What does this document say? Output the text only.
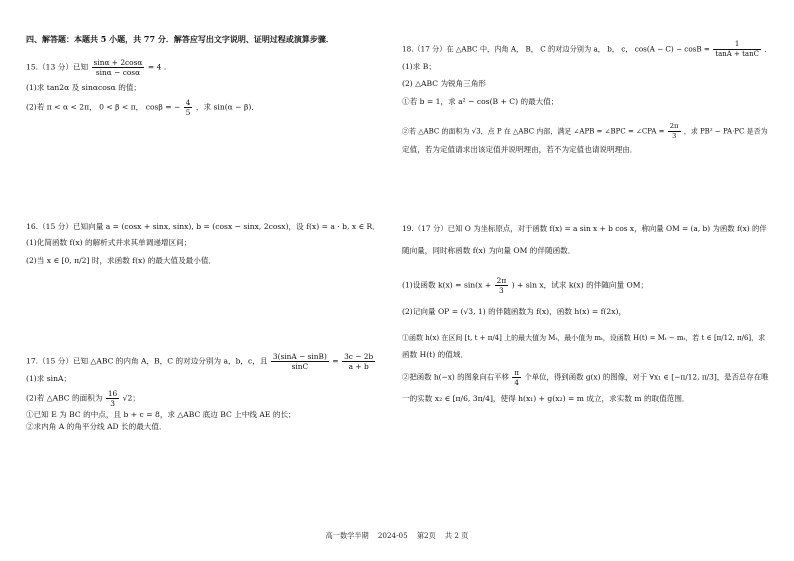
四、解答题：本题共 5 小题，共 77 分．解答应写出文字说明、证明过程或演算步骤．
15.（13 分）已知 $\frac{\sin\alpha + 2\cos\alpha}{\sin\alpha - \cos\alpha} = 4$ .
(1)求 tan2α 及 sinαcosα 的值；
(2)若 π < α < 2π， 0 < β < π， cosβ = − $\frac{4}{5}$ ，求 sin(α − β)．
16.（15 分）已知向量 a = (cosx + sinx, sinx), b = (cosx − sinx, 2cosx)，设 f(x) = a · b, x ∈ R．
(1)化简函数 f(x) 的解析式并求其单调递增区间；
(2)当 x ∈ [0, π/2] 时，求函数 f(x) 的最大值及最小值．
17.（15 分）已知 △ABC 的内角 A，B，C 的对边分别为 a，b，c，且 $\frac{3(\sin A - \sin B)}{\sin C} = \frac{3c - 2b}{a + b}$
(1)求 sinA；
(2)若 △ABC 的面积为 $\frac{16}{3} √2$；
①已知 E 为 BC 的中点，且 b + c = 8，求 △ABC 底边 BC 上中线 AE 的长；
②求内角 A 的角平分线 AD 长的最大值．
18.（17 分）在 △ABC 中，内角 A， B， C 的对边分别为 a， b， c， $\cos(A - C) - \cos B = \frac{1}{\tan A + \tan C}$ ．
(1)求 B；
(2) △ABC 为锐角三角形
①若 b = 1，求 a² − cos(B + C) 的最大值；
②若 △ABC 的面积为 √3，点 P 在 △ABC 内部，满足 ∠APB = ∠BPC = ∠CPA = $\frac{2\pi}{3}$ ，求 PB² − PA·PC 是否为
定值，若为定值请求出该定值并说明理由，若不为定值也请说明理由．
19.（17 分）已知 O 为坐标原点，对于函数 f(x) = a sin x + b cos x，称向量 OM = (a, b) 为函数 f(x) 的伴
随向量，同时称函数 f(x) 为向量 OM 的伴随函数．
(1)设函数 $k(x) = \sin(x + \frac{2\pi}{3}$ ) + sin x，试求 k(x) 的伴随向量 OM；
(2)记向量 OP = (√3, 1) 的伴随函数为 f(x)，函数 h(x) = f(2x)，
①函数 h(x) 在区间 [t, t + π/4] 上的最大值为 Mₜ，最小值为 mₜ，设函数 H(t) = Mₜ − mₜ，若 t ∈ [π/12, π/6]，求
函数 H(t) 的值域．
②把函数 h(−x) 的图象向右平移 $\frac{\pi}{4}$ 个单位，得到函数 g(x) 的图像，对于 ∀x₁ ∈ [−π/12, π/3]，是否总存在唯
一的实数 x₂ ∈ [π/6, 3π/4]，使得 h(x₁) + g(x₂) = m 成立，求实数 m 的取值范围．
高一数学半期    2024-05    第2页    共 2 页
